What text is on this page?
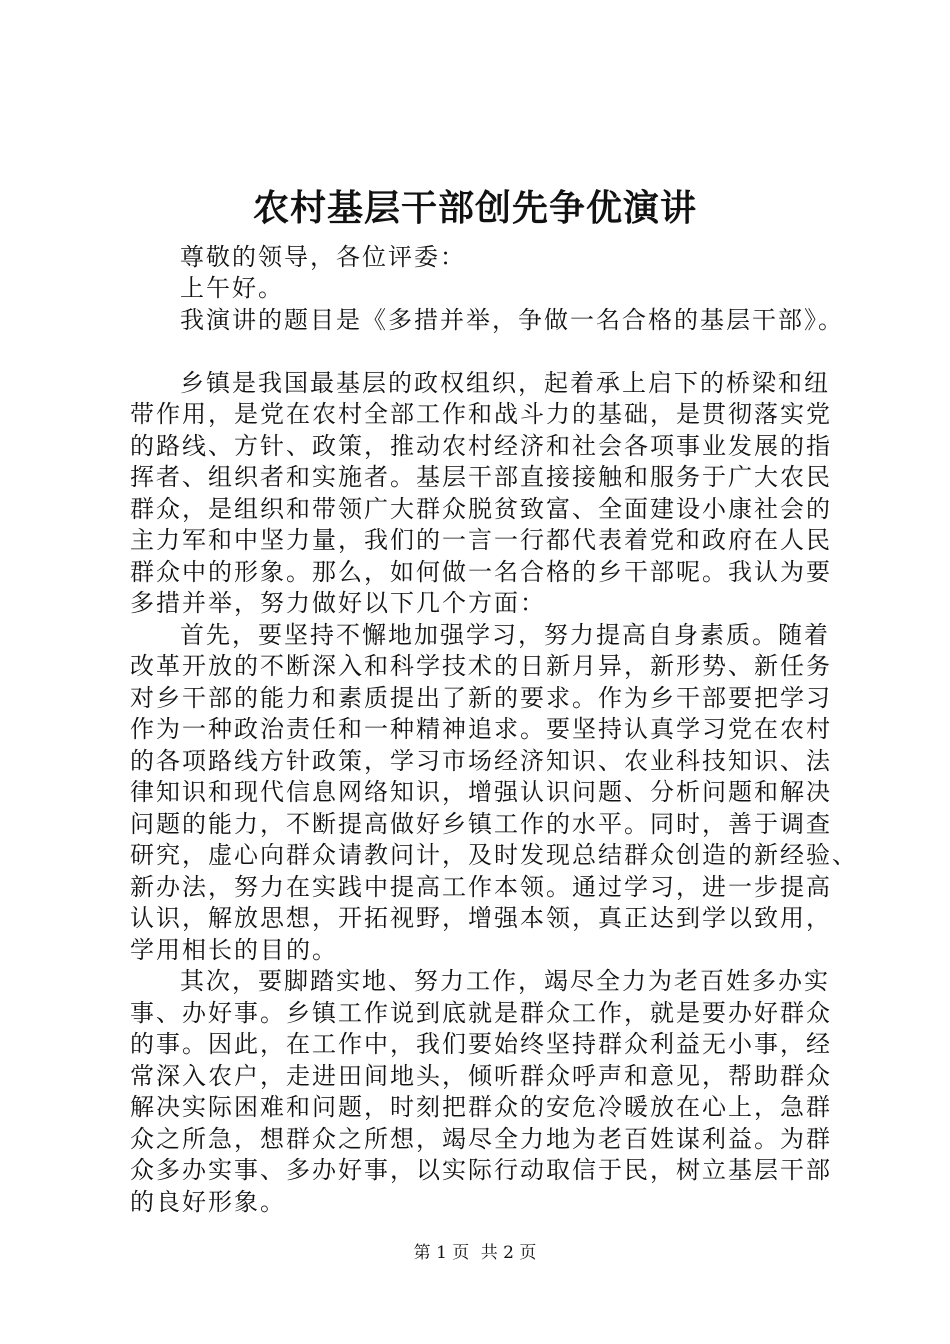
农村基层干部创先争优演讲
尊敬的领导，各位评委：
上午好。
我演讲的题目是《多措并举，争做一名合格的基层干部》。
乡镇是我国最基层的政权组织，起着承上启下的桥梁和纽
带作用，是党在农村全部工作和战斗力的基础，是贯彻落实党
的路线、方针、政策，推动农村经济和社会各项事业发展的指
挥者、组织者和实施者。基层干部直接接触和服务于广大农民
群众，是组织和带领广大群众脱贫致富、全面建设小康社会的
主力军和中坚力量，我们的一言一行都代表着党和政府在人民
群众中的形象。那么，如何做一名合格的乡干部呢。我认为要
多措并举，努力做好以下几个方面：
首先，要坚持不懈地加强学习，努力提高自身素质。随着
改革开放的不断深入和科学技术的日新月异，新形势、新任务
对乡干部的能力和素质提出了新的要求。作为乡干部要把学习
作为一种政治责任和一种精神追求。要坚持认真学习党在农村
的各项路线方针政策，学习市场经济知识、农业科技知识、法
律知识和现代信息网络知识，增强认识问题、分析问题和解决
问题的能力，不断提高做好乡镇工作的水平。同时，善于调查
研究，虚心向群众请教问计，及时发现总结群众创造的新经验、
新办法，努力在实践中提高工作本领。通过学习，进一步提高
认识，解放思想，开拓视野，增强本领，真正达到学以致用，
学用相长的目的。
其次，要脚踏实地、努力工作，竭尽全力为老百姓多办实
事、办好事。乡镇工作说到底就是群众工作，就是要办好群众
的事。因此，在工作中，我们要始终坚持群众利益无小事，经
常深入农户，走进田间地头，倾听群众呼声和意见，帮助群众
解决实际困难和问题，时刻把群众的安危冷暖放在心上，急群
众之所急，想群众之所想，竭尽全力地为老百姓谋利益。为群
众多办实事、多办好事，以实际行动取信于民，树立基层干部
的良好形象。
第 1 页 共 2 页
